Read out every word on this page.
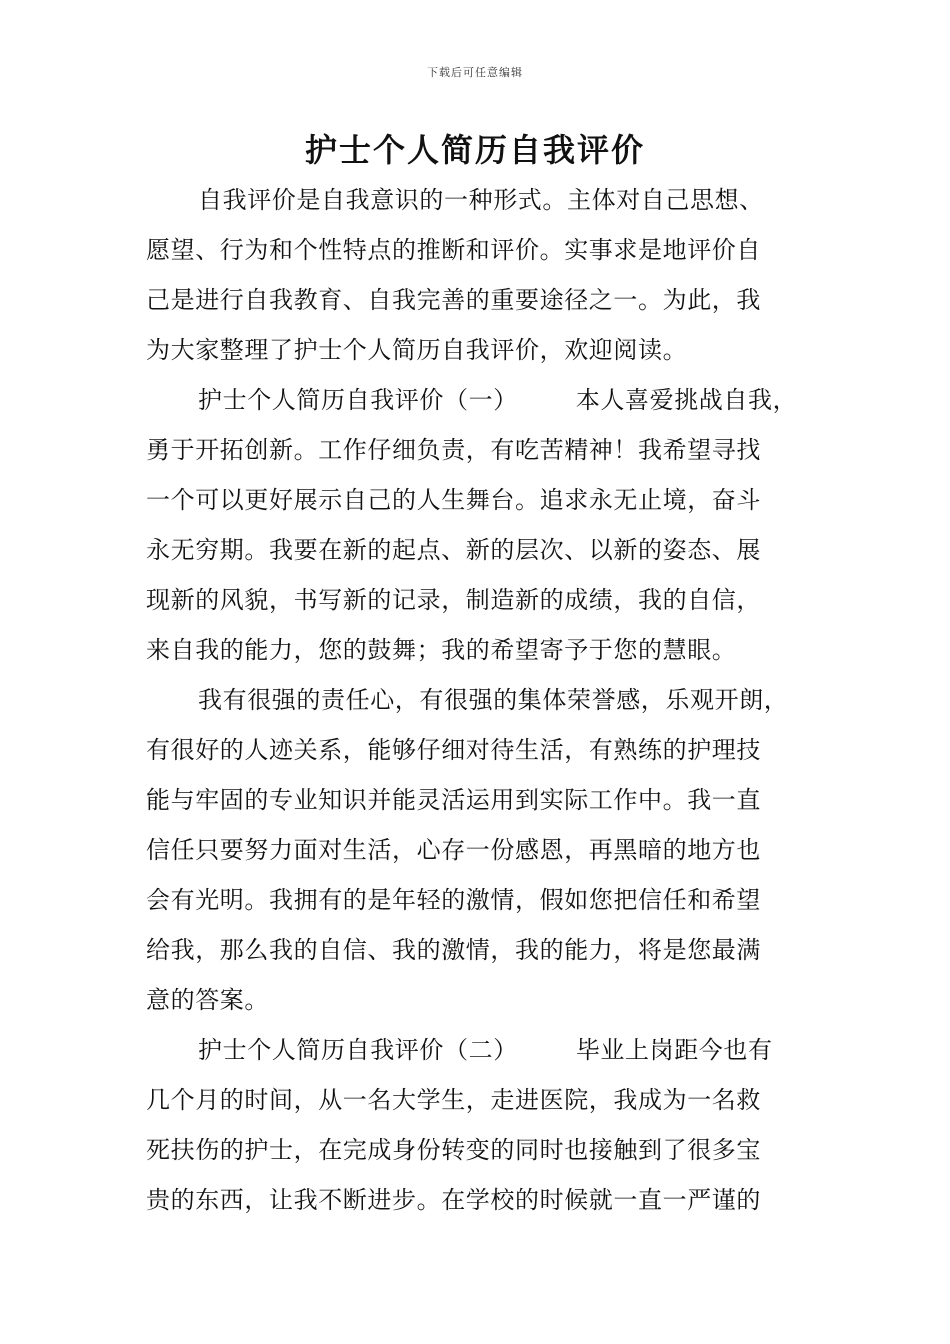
下载后可任意编辑
护士个人简历自我评价

自我评价是自我意识的一种形式。主体对自己思想、
愿望、行为和个性特点的推断和评价。实事求是地评价自
己是进行自我教育、自我完善的重要途径之一。为此，我
为大家整理了护士个人简历自我评价，欢迎阅读。

护士个人简历自我评价（一） 本人喜爱挑战自我，
勇于开拓创新。工作仔细负责，有吃苦精神！我希望寻找
一个可以更好展示自己的人生舞台。追求永无止境，奋斗
永无穷期。我要在新的起点、新的层次、以新的姿态、展
现新的风貌，书写新的记录，制造新的成绩，我的自信，
来自我的能力，您的鼓舞；我的希望寄予于您的慧眼。

我有很强的责任心，有很强的集体荣誉感，乐观开朗，
有很好的人迹关系，能够仔细对待生活，有熟练的护理技
能与牢固的专业知识并能灵活运用到实际工作中。我一直
信任只要努力面对生活，心存一份感恩，再黑暗的地方也
会有光明。我拥有的是年轻的激情，假如您把信任和希望
给我，那么我的自信、我的激情，我的能力，将是您最满
意的答案。

护士个人简历自我评价（二） 毕业上岗距今也有
几个月的时间，从一名大学生，走进医院，我成为一名救
死扶伤的护士，在完成身份转变的同时也接触到了很多宝
贵的东西，让我不断进步。在学校的时候就一直一严谨的
